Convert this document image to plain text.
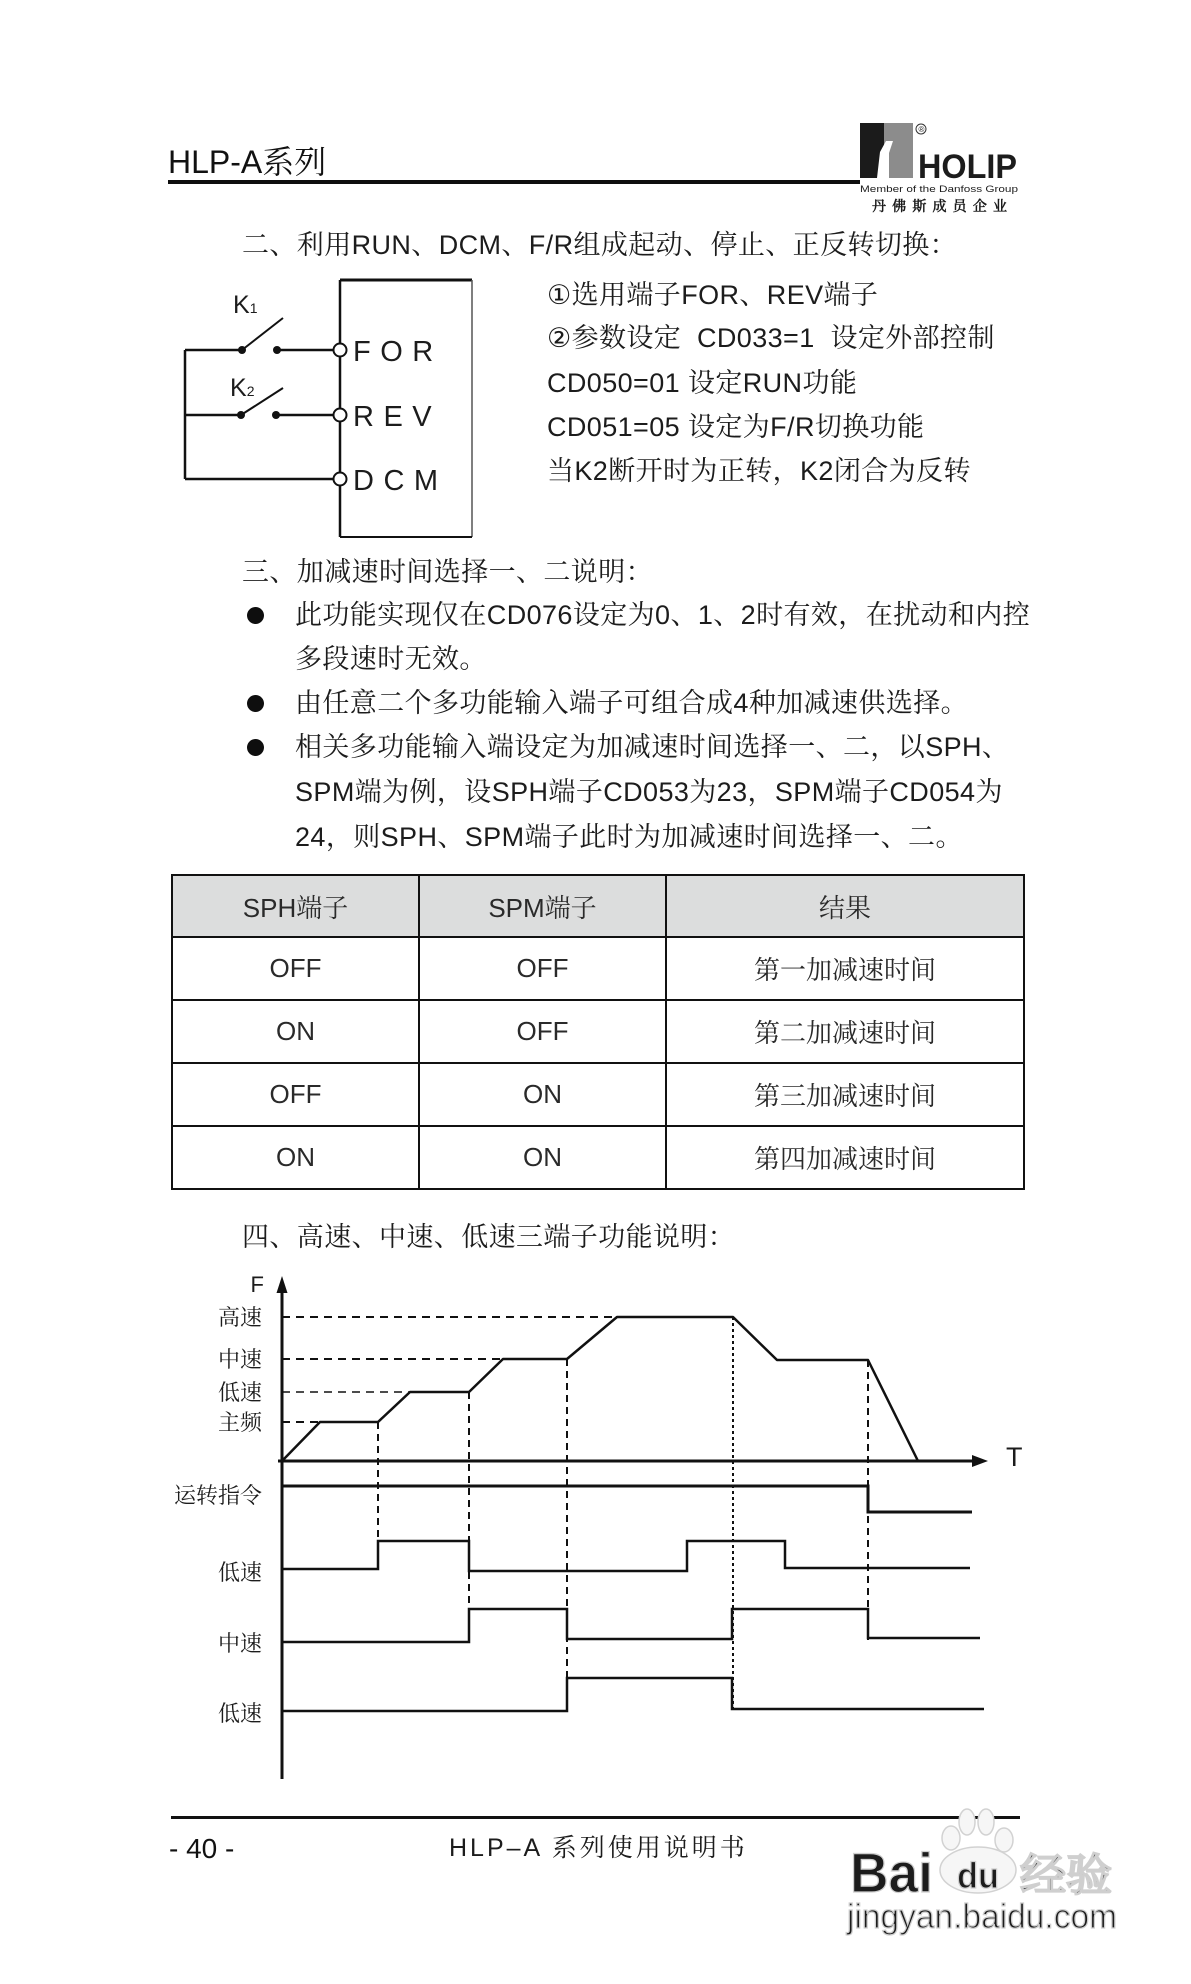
HLP-A系列
®
HOLIP
Member of the Danfoss Group
丹佛斯成员企业
二、利用RUN、DCM、F/R组成起动、停止、正反转切换：
FOR
REV
DCM
K1
K2
①选用端子FOR、REV端子
②参数设定  CD033=1  设定外部控制
CD050=01 设定RUN功能
CD051=05 设定为F/R切换功能
当K2断开时为正转，K2闭合为反转
三、加减速时间选择一、二说明：
此功能实现仅在CD076设定为0、1、2时有效，在扰动和内控
多段速时无效。
由任意二个多功能输入端子可组合成4种加减速供选择。
相关多功能输入端设定为加减速时间选择一、二，以SPH、
SPM端为例，设SPH端子CD053为23，SPM端子CD054为
24，则SPH、SPM端子此时为加减速时间选择一、二。
SPH端子	SPM端子	结果
OFF	OFF	第一加减速时间
ON	OFF	第二加减速时间
OFF	ON	第三加减速时间
ON	ON	第四加减速时间
四、高速、中速、低速三端子功能说明：
F
T
高速
中速
低速
主频
运转指令
低速
中速
低速
- 40 -	HLP–A 系列使用说明书 Bai du 经验
jingyan.baidu.com
